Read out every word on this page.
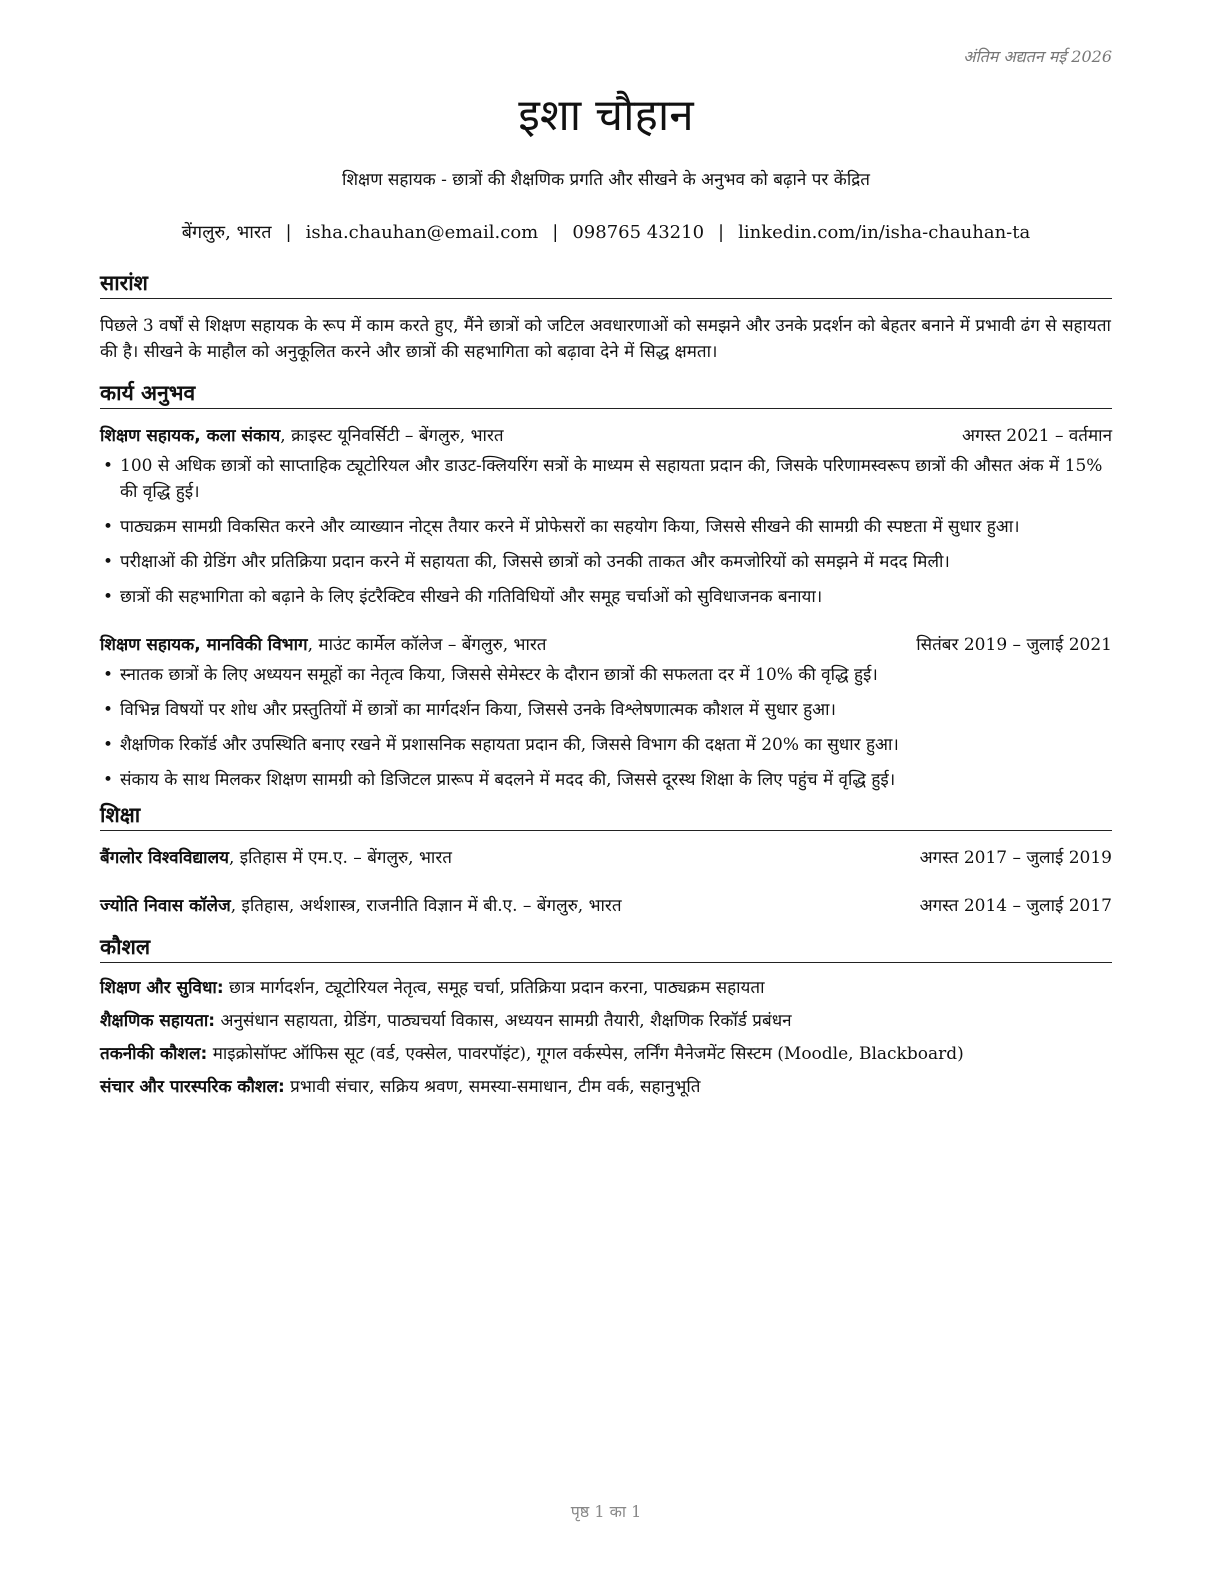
अंतिम अद्यतन मई 2026
इशा चौहान
शिक्षण सहायक - छात्रों की शैक्षणिक प्रगति और सीखने के अनुभव को बढ़ाने पर केंद्रित
बेंगलुरु, भारत | isha.chauhan@email.com | 098765 43210 | linkedin.com/in/isha-chauhan-ta
सारांश
पिछले 3 वर्षों से शिक्षण सहायक के रूप में काम करते हुए, मैंने छात्रों को जटिल अवधारणाओं को समझने और उनके प्रदर्शन को बेहतर बनाने में प्रभावी ढंग से सहायता की है। सीखने के माहौल को अनुकूलित करने और छात्रों की सहभागिता को बढ़ावा देने में सिद्ध क्षमता।
कार्य अनुभव
शिक्षण सहायक, कला संकाय, क्राइस्ट यूनिवर्सिटी – बेंगलुरु, भारत	अगस्त 2021 – वर्तमान
• 100 से अधिक छात्रों को साप्ताहिक ट्यूटोरियल और डाउट-क्लियरिंग सत्रों के माध्यम से सहायता प्रदान की, जिसके परिणामस्वरूप छात्रों की औसत अंक में 15% की वृद्धि हुई।
• पाठ्यक्रम सामग्री विकसित करने और व्याख्यान नोट्स तैयार करने में प्रोफेसरों का सहयोग किया, जिससे सीखने की सामग्री की स्पष्टता में सुधार हुआ।
• परीक्षाओं की ग्रेडिंग और प्रतिक्रिया प्रदान करने में सहायता की, जिससे छात्रों को उनकी ताकत और कमजोरियों को समझने में मदद मिली।
• छात्रों की सहभागिता को बढ़ाने के लिए इंटरैक्टिव सीखने की गतिविधियों और समूह चर्चाओं को सुविधाजनक बनाया।
शिक्षण सहायक, मानविकी विभाग, माउंट कार्मेल कॉलेज – बेंगलुरु, भारत	सितंबर 2019 – जुलाई 2021
• स्नातक छात्रों के लिए अध्ययन समूहों का नेतृत्व किया, जिससे सेमेस्टर के दौरान छात्रों की सफलता दर में 10% की वृद्धि हुई।
• विभिन्न विषयों पर शोध और प्रस्तुतियों में छात्रों का मार्गदर्शन किया, जिससे उनके विश्लेषणात्मक कौशल में सुधार हुआ।
• शैक्षणिक रिकॉर्ड और उपस्थिति बनाए रखने में प्रशासनिक सहायता प्रदान की, जिससे विभाग की दक्षता में 20% का सुधार हुआ।
• संकाय के साथ मिलकर शिक्षण सामग्री को डिजिटल प्रारूप में बदलने में मदद की, जिससे दूरस्थ शिक्षा के लिए पहुंच में वृद्धि हुई।
शिक्षा
बैंगलोर विश्वविद्यालय, इतिहास में एम.ए. – बेंगलुरु, भारत	अगस्त 2017 – जुलाई 2019
ज्योति निवास कॉलेज, इतिहास, अर्थशास्त्र, राजनीति विज्ञान में बी.ए. – बेंगलुरु, भारत	अगस्त 2014 – जुलाई 2017
कौशल
शिक्षण और सुविधा: छात्र मार्गदर्शन, ट्यूटोरियल नेतृत्व, समूह चर्चा, प्रतिक्रिया प्रदान करना, पाठ्यक्रम सहायता
शैक्षणिक सहायता: अनुसंधान सहायता, ग्रेडिंग, पाठ्यचर्या विकास, अध्ययन सामग्री तैयारी, शैक्षणिक रिकॉर्ड प्रबंधन
तकनीकी कौशल: माइक्रोसॉफ्ट ऑफिस सूट (वर्ड, एक्सेल, पावरपॉइंट), गूगल वर्कस्पेस, लर्निंग मैनेजमेंट सिस्टम (Moodle, Blackboard)
संचार और पारस्परिक कौशल: प्रभावी संचार, सक्रिय श्रवण, समस्या-समाधान, टीम वर्क, सहानुभूति
पृष्ठ 1 का 1
